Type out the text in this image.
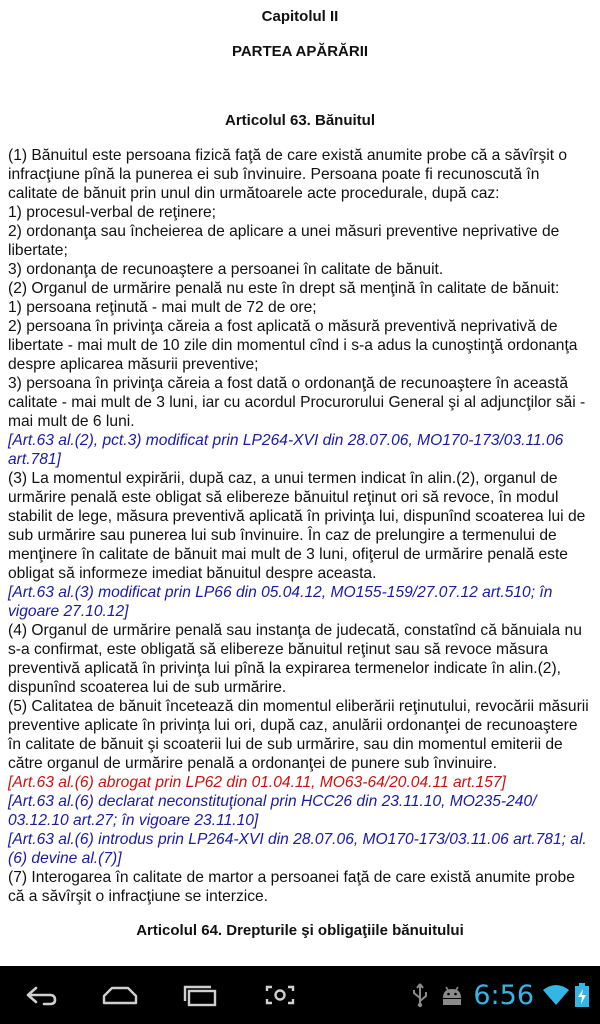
Capitolul II
PARTEA APĂRĂRII
Articolul 63. Bănuitul

(1) Bănuitul este persoana fizică faţă de care există anumite probe că a săvîrşit o infracţiune pînă la punerea ei sub învinuire. Persoana poate fi recunoscută în calitate de bănuit prin unul din următoarele acte procedurale, după caz:

1) procesul-verbal de reţinere;

2) ordonanţa sau încheierea de aplicare a unei măsuri preventive neprivative de libertate;

3) ordonanţa de recunoaştere a persoanei în calitate de bănuit.

(2) Organul de urmărire penală nu este în drept să menţină în calitate de bănuit:

1) persoana reţinută - mai mult de 72 de ore;

2) persoana în privinţa căreia a fost aplicată o măsură preventivă neprivativă de libertate - mai mult de 10 zile din momentul cînd i s-a adus la cunoştinţă ordonanţa despre aplicarea măsurii preventive;

3) persoana în privinţa căreia a fost dată o ordonanţă de recunoaştere în această calitate - mai mult de 3 luni, iar cu acordul Procurorului General şi al adjuncţilor săi - mai mult de 6 luni.

[Art.63 al.(2), pct.3) modificat prin LP264-XVI din 28.07.06, MO170-173/03.11.06 art.781]

(3) La momentul expirării, după caz, a unui termen indicat în alin.(2), organul de urmărire penală este obligat să elibereze bănuitul reţinut ori să revoce, în modul stabilit de lege, măsura preventivă aplicată în privinţa lui, dispunînd scoaterea lui de sub urmărire sau punerea lui sub învinuire. În caz de prelungire a termenului de menţinere în calitate de bănuit mai mult de 3 luni, ofiţerul de urmărire penală este obligat să informeze imediat bănuitul despre aceasta.

[Art.63 al.(3) modificat prin LP66 din 05.04.12, MO155-159/27.07.12 art.510; în vigoare 27.10.12]

(4) Organul de urmărire penală sau instanţa de judecată, constatînd că bănuiala nu s-a confirmat, este obligată să elibereze bănuitul reţinut sau să revoce măsura preventivă aplicată în privinţa lui pînă la expirarea termenelor indicate în alin.(2), dispunînd scoaterea lui de sub urmărire.

(5) Calitatea de bănuit încetează din momentul eliberării reţinutului, revocării măsurii preventive aplicate în privinţa lui ori, după caz, anulării ordonanţei de recunoaştere în calitate de bănuit şi scoaterii lui de sub urmărire, sau din momentul emiterii de către organul de urmărire penală a ordonanţei de punere sub învinuire.

[Art.63 al.(6) abrogat prin LP62 din 01.04.11, MO63-64/20.04.11 art.157]

[Art.63 al.(6) declarat neconstituţional prin HCC26 din 23.11.10, MO235-240/ 03.12.10 art.27; în vigoare 23.11.10]

[Art.63 al.(6) introdus prin LP264-XVI din 28.07.06, MO170-173/03.11.06 art.781; al.(6) devine al.(7)]

(7) Interogarea în calitate de martor a persoanei faţă de care există anumite probe că a săvîrşit o infracţiune se interzice.

Articolul 64. Drepturile şi obligaţiile bănuitului
6:56
